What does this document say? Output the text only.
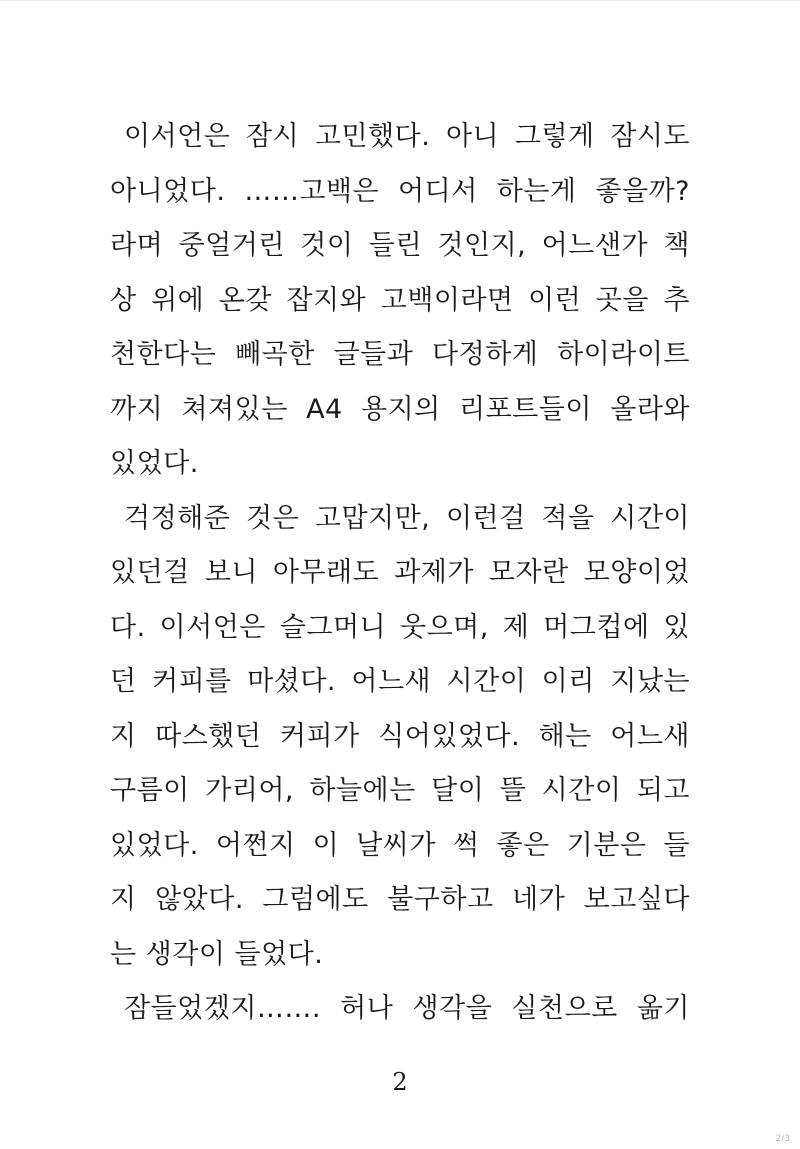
이서언은 잠시 고민했다. 아니 그렇게 잠시도
아니었다. ……고백은 어디서 하는게 좋을까?
라며 중얼거린 것이 들린 것인지, 어느샌가 책
상 위에 온갖 잡지와 고백이라면 이런 곳을 추
천한다는 빼곡한 글들과 다정하게 하이라이트
까지 쳐져있는 A4 용지의 리포트들이 올라와
있었다.
걱정해준 것은 고맙지만, 이런걸 적을 시간이
있던걸 보니 아무래도 과제가 모자란 모양이었
다. 이서언은 슬그머니 웃으며, 제 머그컵에 있
던 커피를 마셨다. 어느새 시간이 이리 지났는
지 따스했던 커피가 식어있었다. 해는 어느새
구름이 가리어, 하늘에는 달이 뜰 시간이 되고
있었다. 어쩐지 이 날씨가 썩 좋은 기분은 들
지 않았다. 그럼에도 불구하고 네가 보고싶다
는 생각이 들었다.
잠들었겠지……. 허나 생각을 실천으로 옮기
2
2/3
